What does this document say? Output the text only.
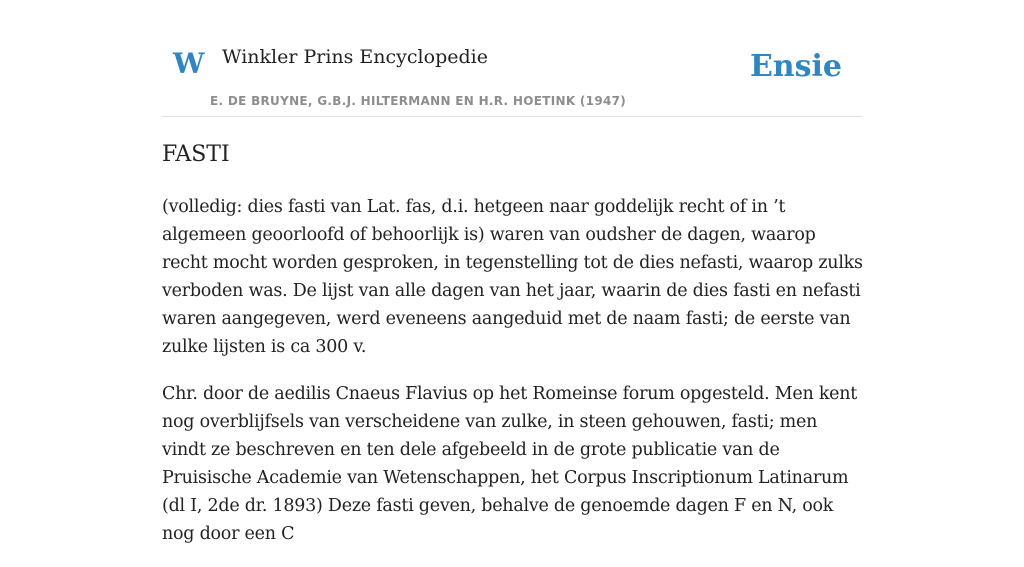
W Winkler Prins Encyclopedie
E. DE BRUYNE, G.B.J. HILTERMANN EN H.R. HOETINK (1947)
Ensie
FASTI

(volledig: dies fasti van Lat. fas, d.i. hetgeen naar goddelijk recht of in ’t algemeen geoorloofd of behoorlijk is) waren van oudsher de dagen, waarop recht mocht worden gesproken, in tegenstelling tot de dies nefasti, waarop zulks verboden was. De lijst van alle dagen van het jaar, waarin de dies fasti en nefasti waren aangegeven, werd eveneens aangeduid met de naam fasti; de eerste van zulke lijsten is ca 300 v.

Chr. door de aedilis Cnaeus Flavius op het Romeinse forum opgesteld. Men kent nog overblijfsels van verscheidene van zulke, in steen gehouwen, fasti; men vindt ze beschreven en ten dele afgebeeld in de grote publicatie van de Pruisische Academie van Wetenschappen, het Corpus Inscriptionum Latinarum (dl I, 2de dr. 1893) Deze fasti geven, behalve de genoemde dagen F en N, ook nog door een C
